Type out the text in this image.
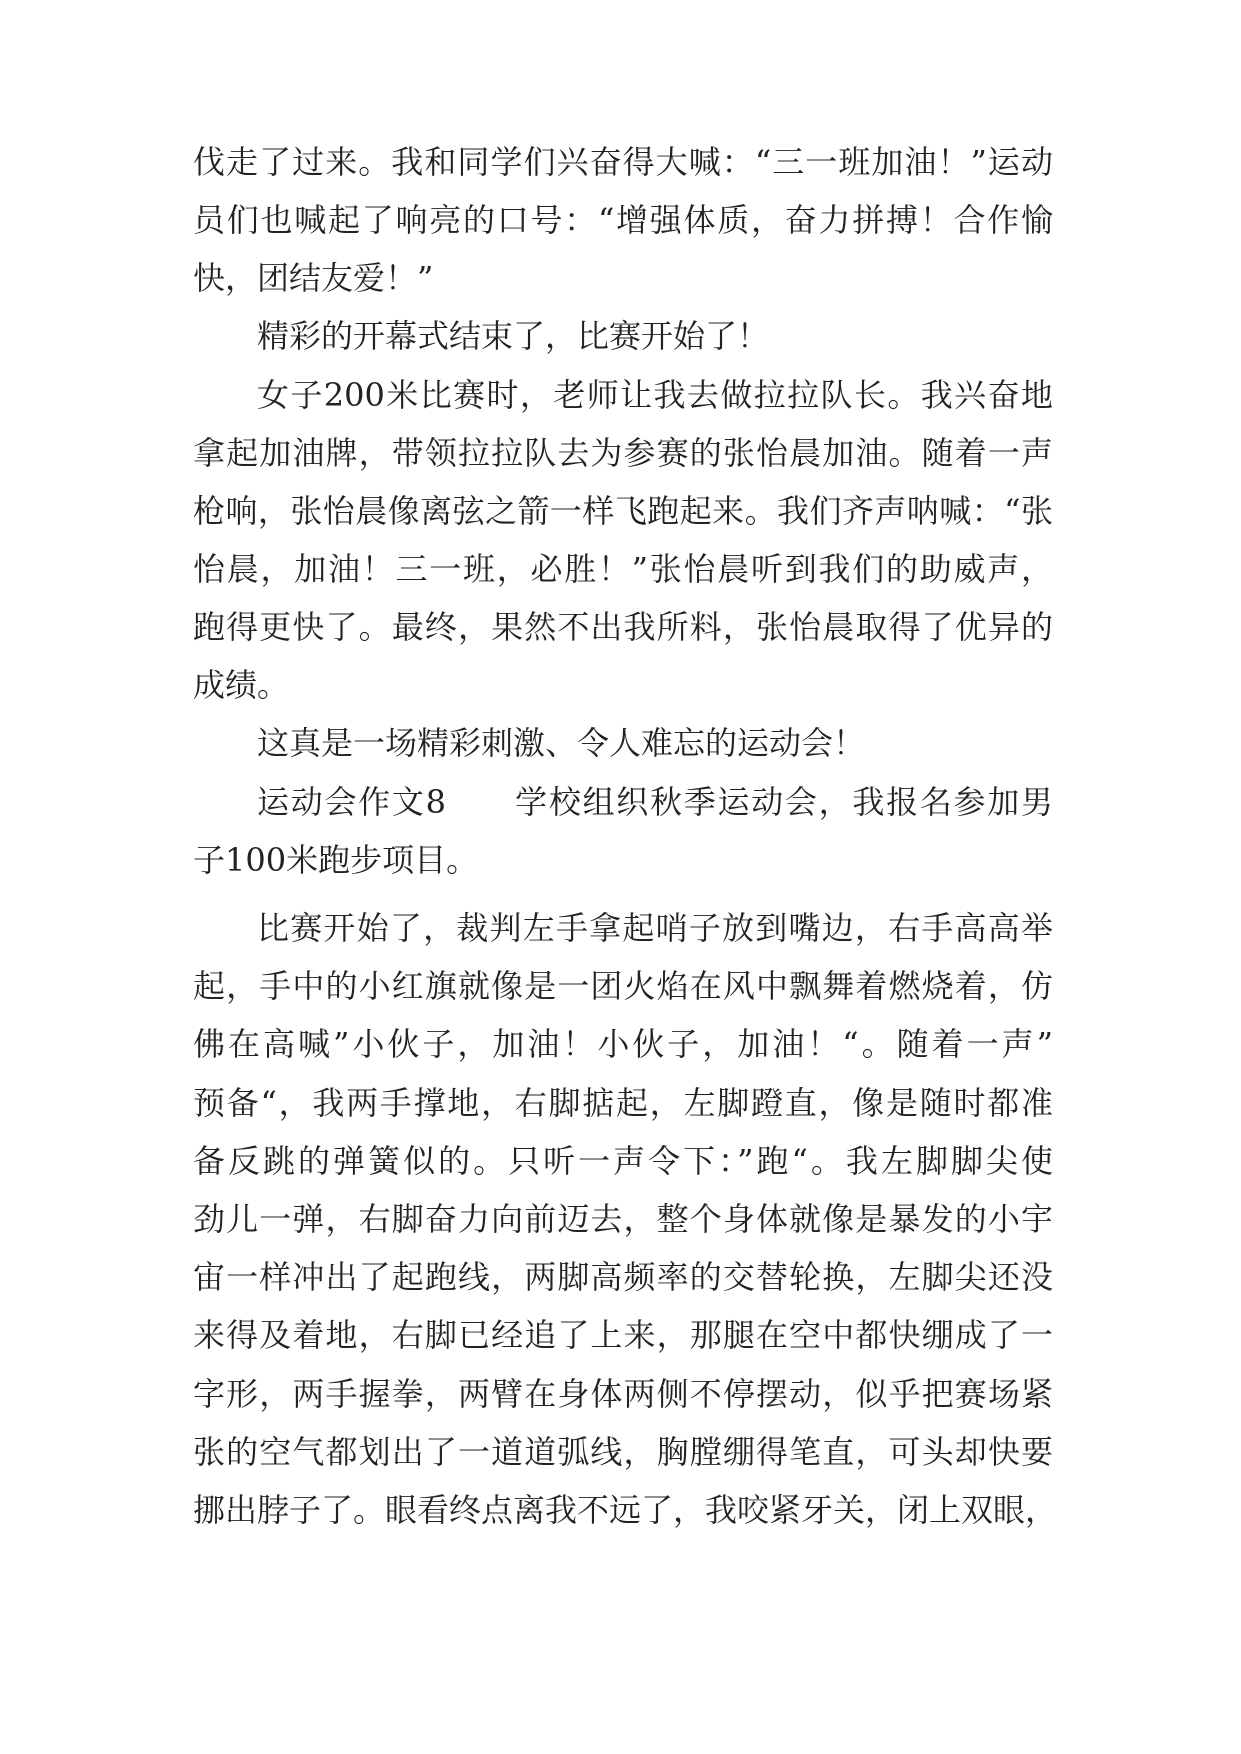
伐走了过来。我和同学们兴奋得大喊：“三一班加油！”运动
员们也喊起了响亮的口号：“增强体质，奋力拼搏！合作愉
快，团结友爱！”
精彩的开幕式结束了，比赛开始了！
女子200米比赛时，老师让我去做拉拉队长。我兴奋地
拿起加油牌，带领拉拉队去为参赛的张怡晨加油。随着一声
枪响，张怡晨像离弦之箭一样飞跑起来。我们齐声呐喊：“张
怡晨，加油！三一班，必胜！”张怡晨听到我们的助威声，
跑得更快了。最终，果然不出我所料，张怡晨取得了优异的
成绩。
这真是一场精彩刺激、令人难忘的运动会！
运动会作文8　　学校组织秋季运动会，我报名参加男
子100米跑步项目。
比赛开始了，裁判左手拿起哨子放到嘴边，右手高高举
起，手中的小红旗就像是一团火焰在风中飘舞着燃烧着，仿
佛在高喊”小伙子，加油！小伙子，加油！“。随着一声”
预备“，我两手撑地，右脚掂起，左脚蹬直，像是随时都准
备反跳的弹簧似的。只听一声令下：”跑“。我左脚脚尖使
劲儿一弹，右脚奋力向前迈去，整个身体就像是暴发的小宇
宙一样冲出了起跑线，两脚高频率的交替轮换，左脚尖还没
来得及着地，右脚已经追了上来，那腿在空中都快绷成了一
字形，两手握拳，两臂在身体两侧不停摆动，似乎把赛场紧
张的空气都划出了一道道弧线，胸膛绷得笔直，可头却快要
挪出脖子了。眼看终点离我不远了，我咬紧牙关，闭上双眼，
